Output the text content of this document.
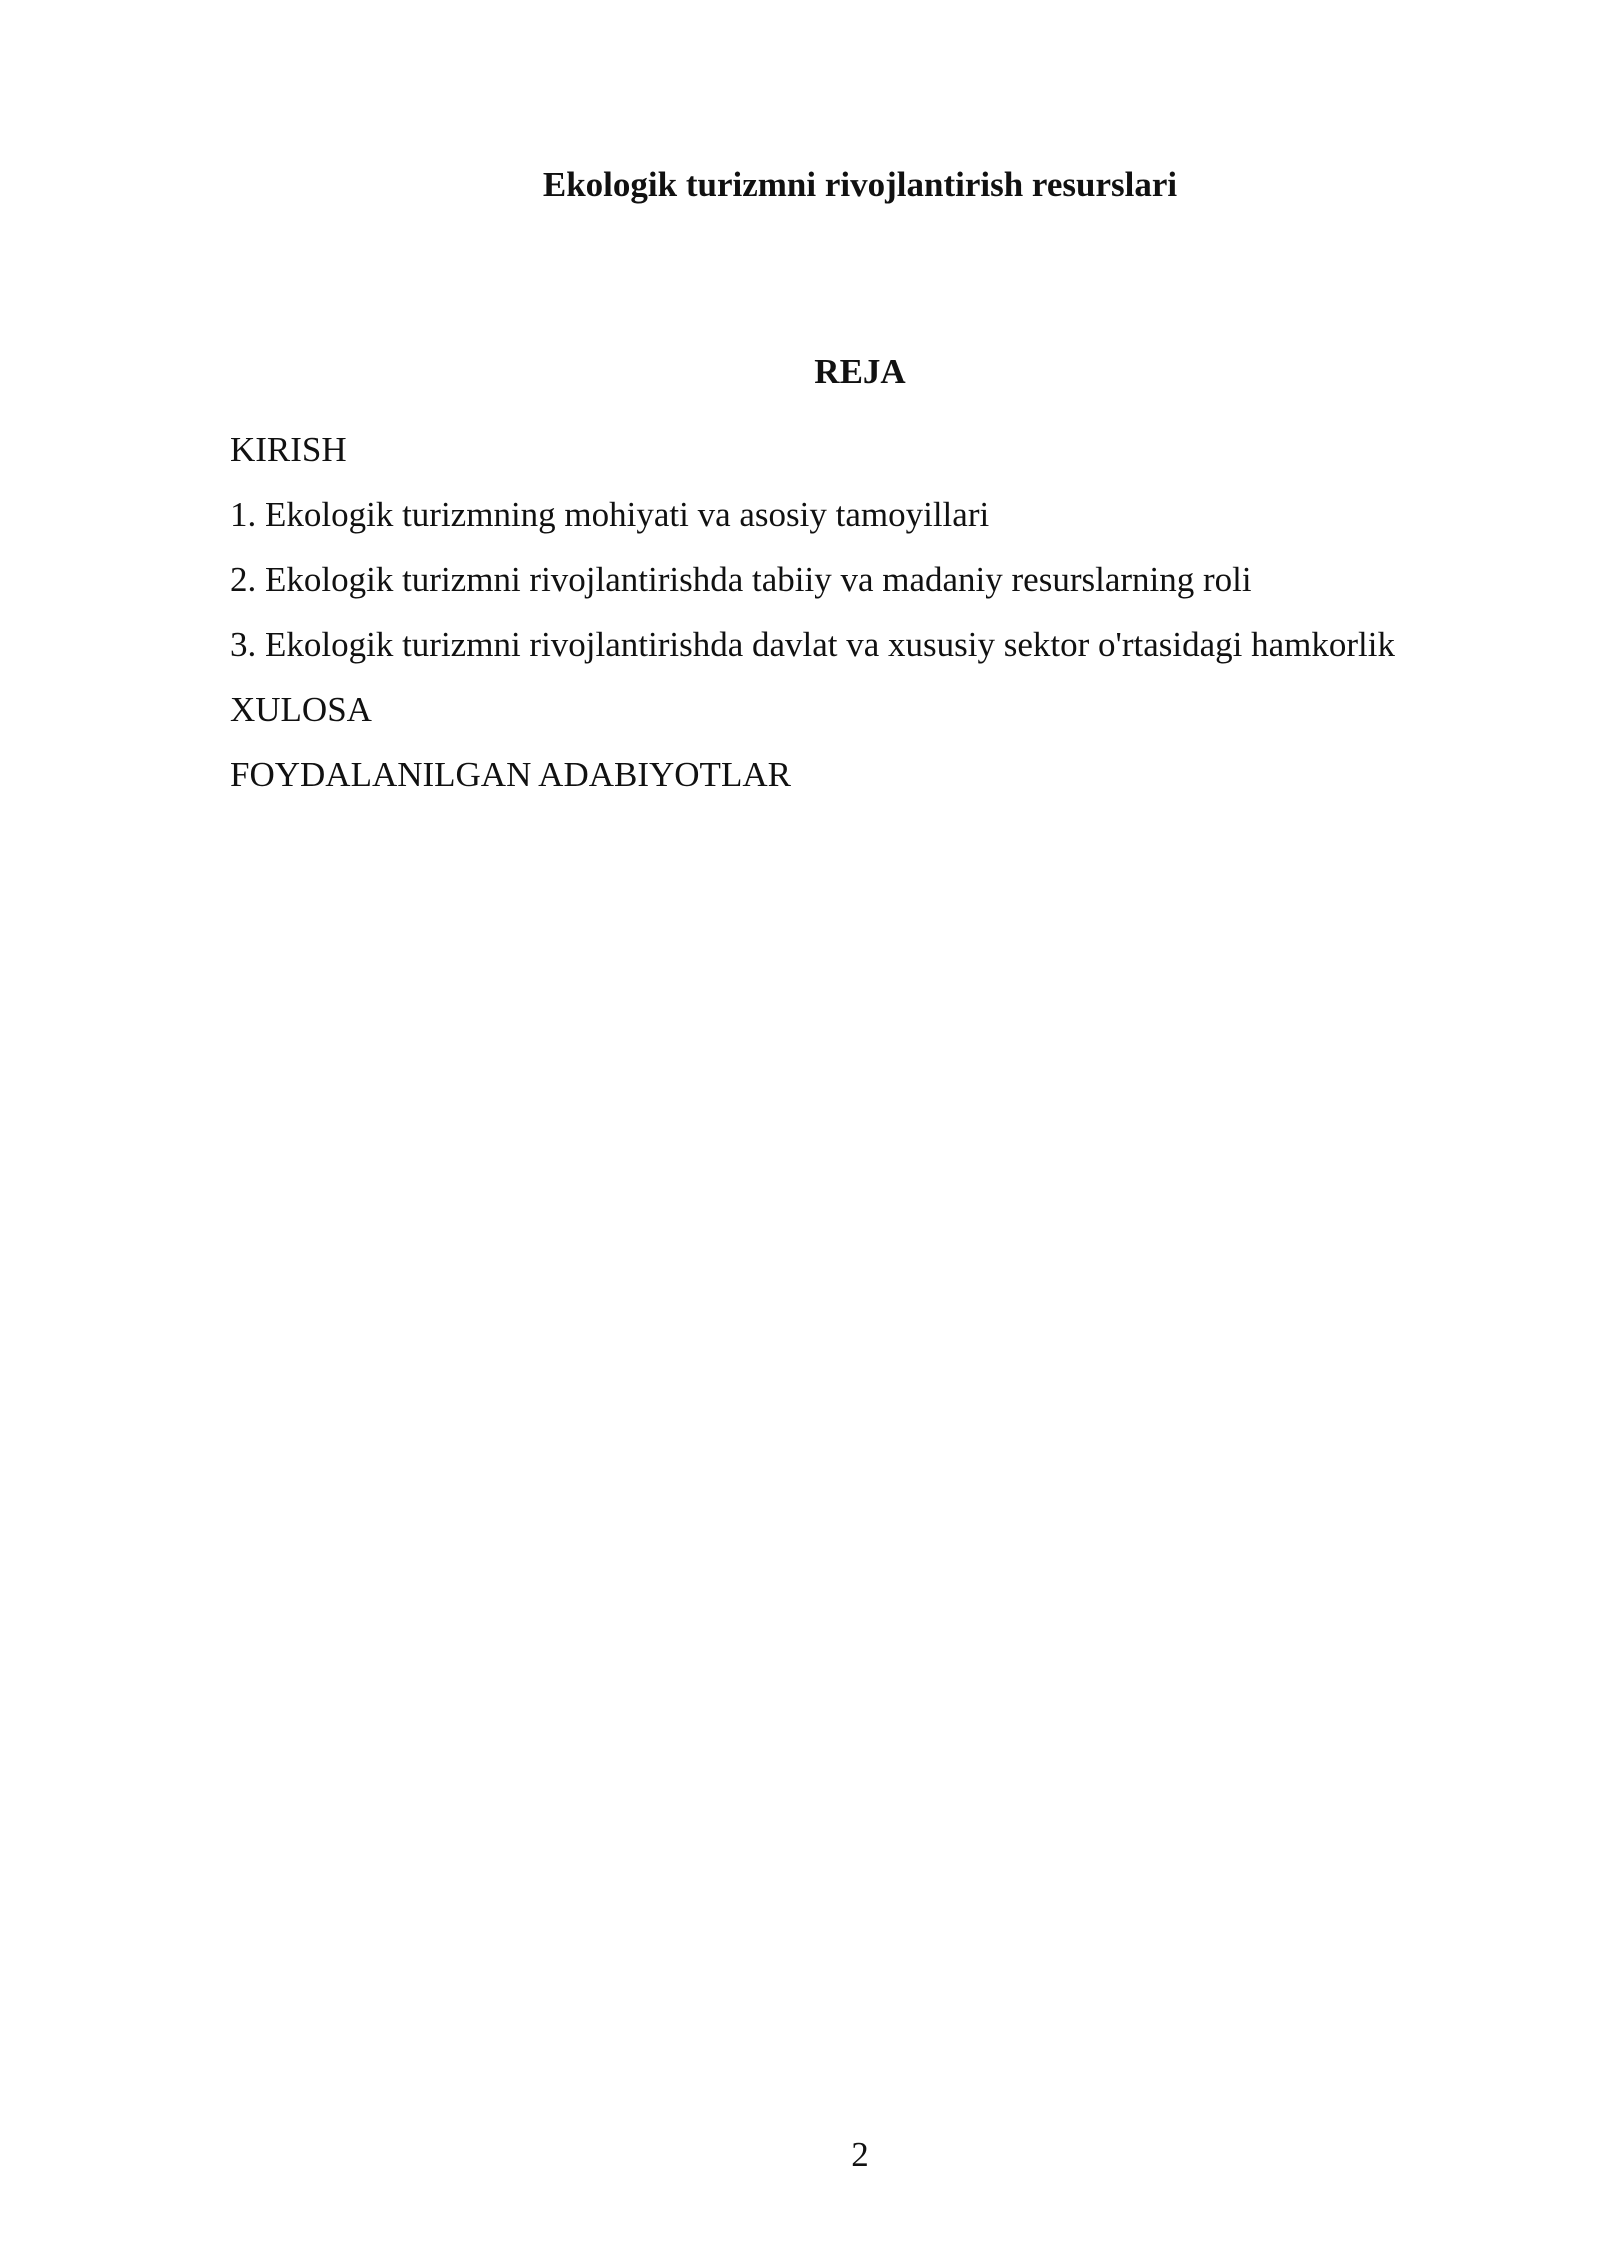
Ekologik turizmni rivojlantirish resurslari
REJA
KIRISH
1. Ekologik turizmning mohiyati va asosiy tamoyillari
2. Ekologik turizmni rivojlantirishda tabiiy va madaniy resurslarning roli
3. Ekologik turizmni rivojlantirishda davlat va xususiy sektor o'rtasidagi hamkorlik
XULOSA
FOYDALANILGAN ADABIYOTLAR
2
